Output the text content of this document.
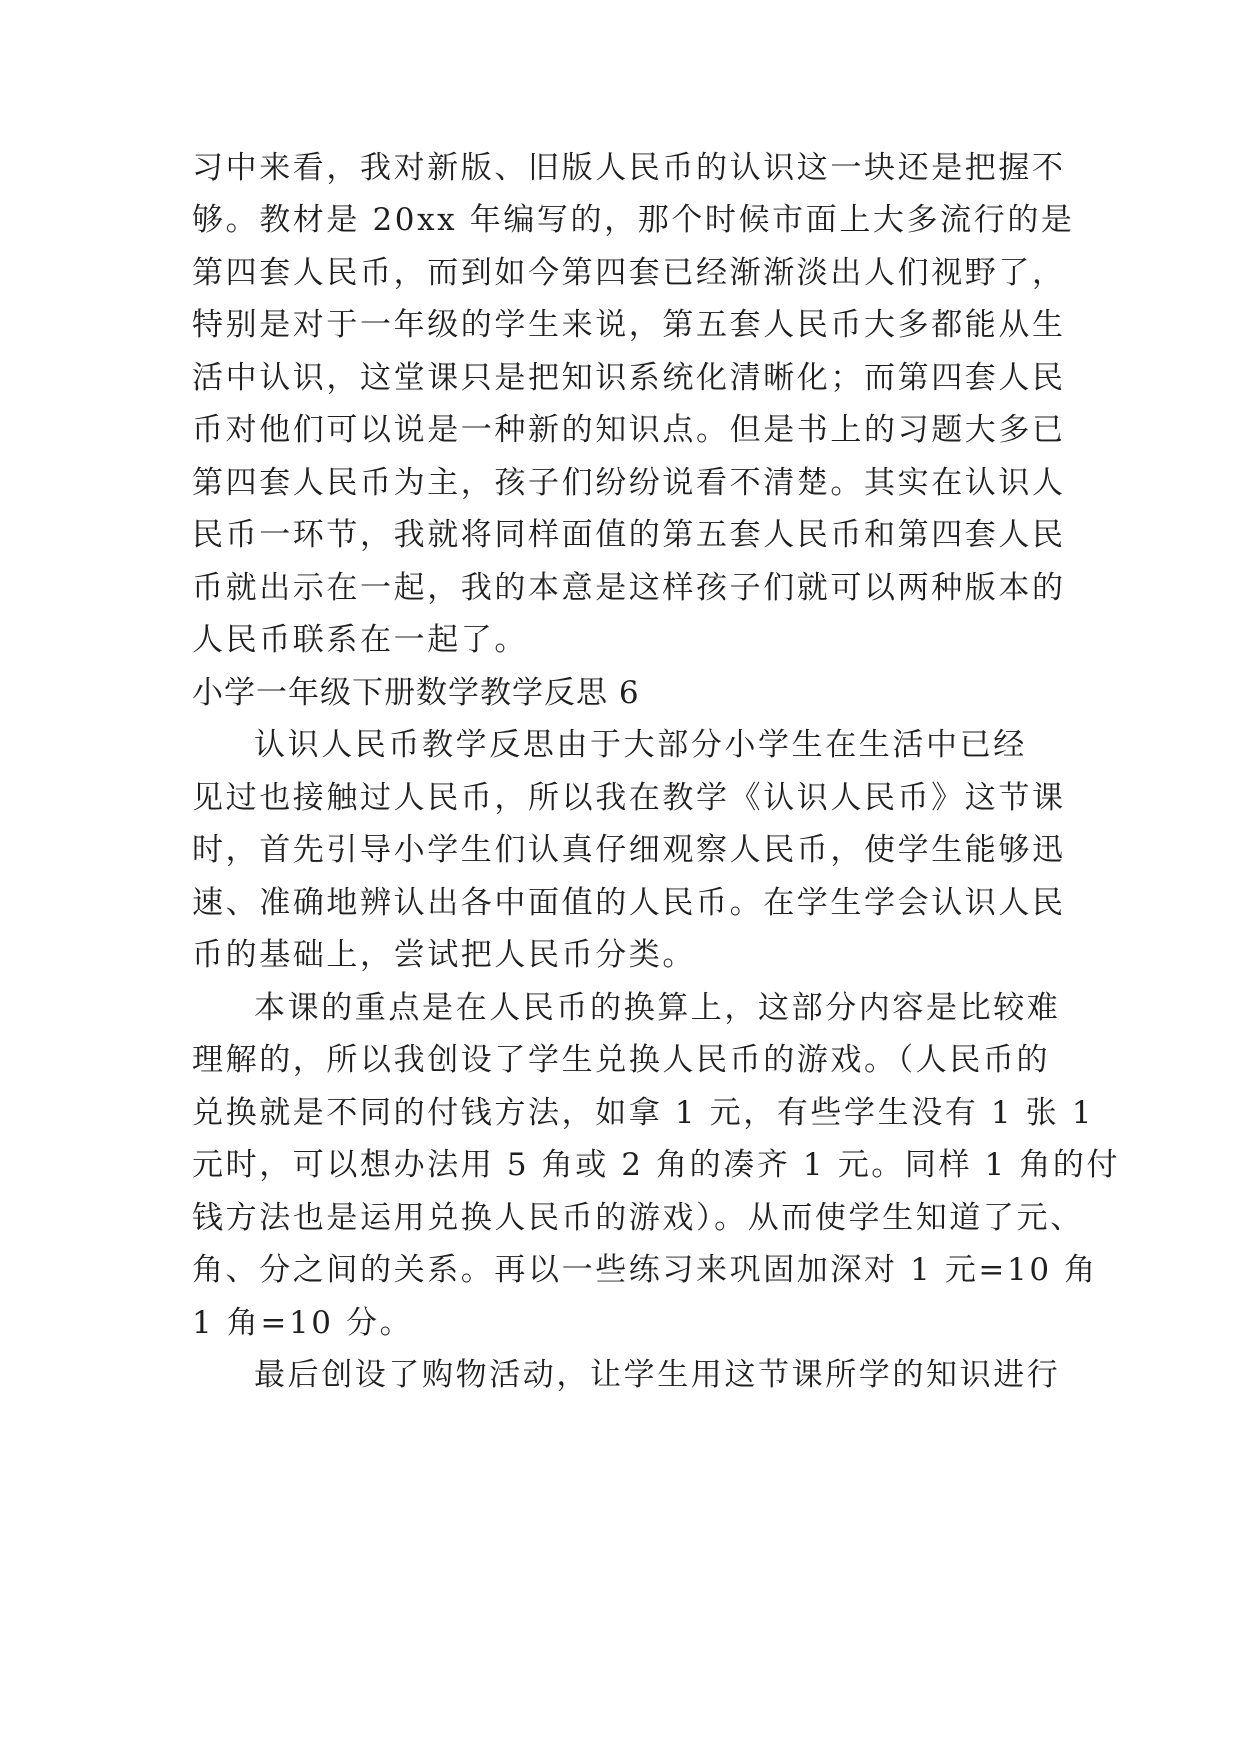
习中来看，我对新版、旧版人民币的认识这一块还是把握不
够。教材是 20xx 年编写的，那个时候市面上大多流行的是
第四套人民币，而到如今第四套已经渐渐淡出人们视野了，
特别是对于一年级的学生来说，第五套人民币大多都能从生
活中认识，这堂课只是把知识系统化清晰化；而第四套人民
币对他们可以说是一种新的知识点。但是书上的习题大多已
第四套人民币为主，孩子们纷纷说看不清楚。其实在认识人
民币一环节，我就将同样面值的第五套人民币和第四套人民
币就出示在一起，我的本意是这样孩子们就可以两种版本的
人民币联系在一起了。
小学一年级下册数学教学反思 6
认识人民币教学反思由于大部分小学生在生活中已经
见过也接触过人民币，所以我在教学《认识人民币》这节课
时，首先引导小学生们认真仔细观察人民币，使学生能够迅
速、准确地辨认出各中面值的人民币。在学生学会认识人民
币的基础上，尝试把人民币分类。
本课的重点是在人民币的换算上，这部分内容是比较难
理解的，所以我创设了学生兑换人民币的游戏。（人民币的
兑换就是不同的付钱方法，如拿 1 元，有些学生没有 1 张 1
元时，可以想办法用 5 角或 2 角的凑齐 1 元。同样 1 角的付
钱方法也是运用兑换人民币的游戏）。从而使学生知道了元、
角、分之间的关系。再以一些练习来巩固加深对 1 元=10 角
1 角=10 分。
最后创设了购物活动，让学生用这节课所学的知识进行
